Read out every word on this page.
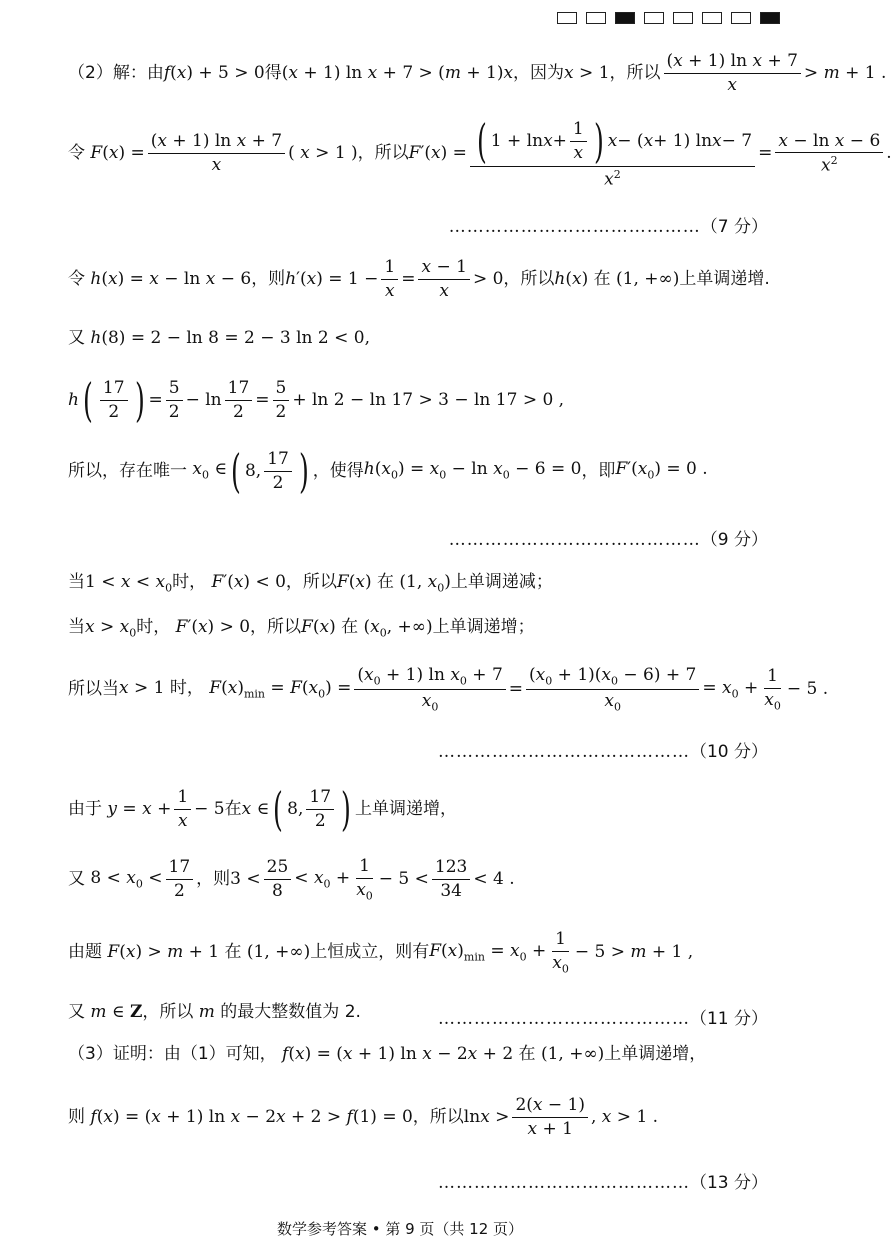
（2）解：由 f(x) + 5 > 0 得 (x + 1) ln x + 7 > (m + 1)x ，因为 x > 1 ，所以 $\frac{\text{(x + 1) ln x + 7}}{x} > m + 1$ .
令 $F(x) = \frac{\text{(x + 1) ln x + 7}}{x}$ ( x > 1 ) ，所以 $F'(x) = \frac{( 1 + \ln x + \frac{1}{x} ) x - ( x + 1) \ln x - 7}{x^2} = \frac{\text{x − ln x − 6}}{x^2}$ .
……………………………………（7 分）
令 h(x) = x − ln x − 6 ，则 $h'(x) = 1 - \frac{1}{x} = \frac{x - 1}{x} > 0$ ，所以 h(x) 在 (1, +∞) 上单调递增.
又 h(8) = 2 − ln 8 = 2 − 3 ln 2 < 0,
h ( $\frac{17}{2}$ ) = $\frac{5}{2} - \ln \frac{17}{2} = \frac{5}{2} + \ln 2 - \ln 17 > 3 - \ln 17 > 0$ ,
所以，存在唯一 $x_0$ ∈ ( 8, $\frac{17}{2}$ ) ，使得 $h(x_0) = x_0 - \ln x_0 - 6 = 0$ ，即 $F'(x_0) = 0$ .
……………………………………（9 分）
当$1 < x < x_0$时， F′(x) < 0，所以F(x) 在 (1, $x_0$)上单调递减；
当$x > x_0$时， F′(x) > 0，所以F(x) 在 ($x_0$, +∞)上单调递增；
所以当 x > 1 时， $F(x)_{min} = F(x_0) = \frac{(x_0 + 1) \ln x_0 + 7}{x_0} = \frac{(x_0 + 1)(x_0 - 6) + 7}{x_0} = x_0 + \frac{1}{x_0} - 5$ .
……………………………………（10 分）
由于 $y = x + \frac{1}{x} - 5$ 在 x ∈ ( 8, $\frac{17}{2}$ ) 上单调递增，
又 $8 < x_0 < \frac{17}{2}$ ，则 $3 < \frac{25}{8} < x_0 + \frac{1}{x_0} - 5 < \frac{123}{34} < 4$ .
由题 F(x) > m + 1 在 (1, +∞) 上恒成立，则有 $F(x)_{min} = x_0 + \frac{1}{x_0} - 5 > m + 1$ ,
又 m ∈ Z，所以 m 的最大整数值为 2.	……………………………………（11 分）
（3）证明：由（1）可知， f(x) = (x + 1) ln x − 2x + 2 在 (1, +∞)上单调递增，
则 f(x) = (x + 1) ln x − 2x + 2 > f(1) = 0 ，所以 $\ln x > \frac{2(x - 1)}{x + 1}$ , x > 1 .
……………………………………（13 分）
数学参考答案 • 第 9 页（共 12 页）
